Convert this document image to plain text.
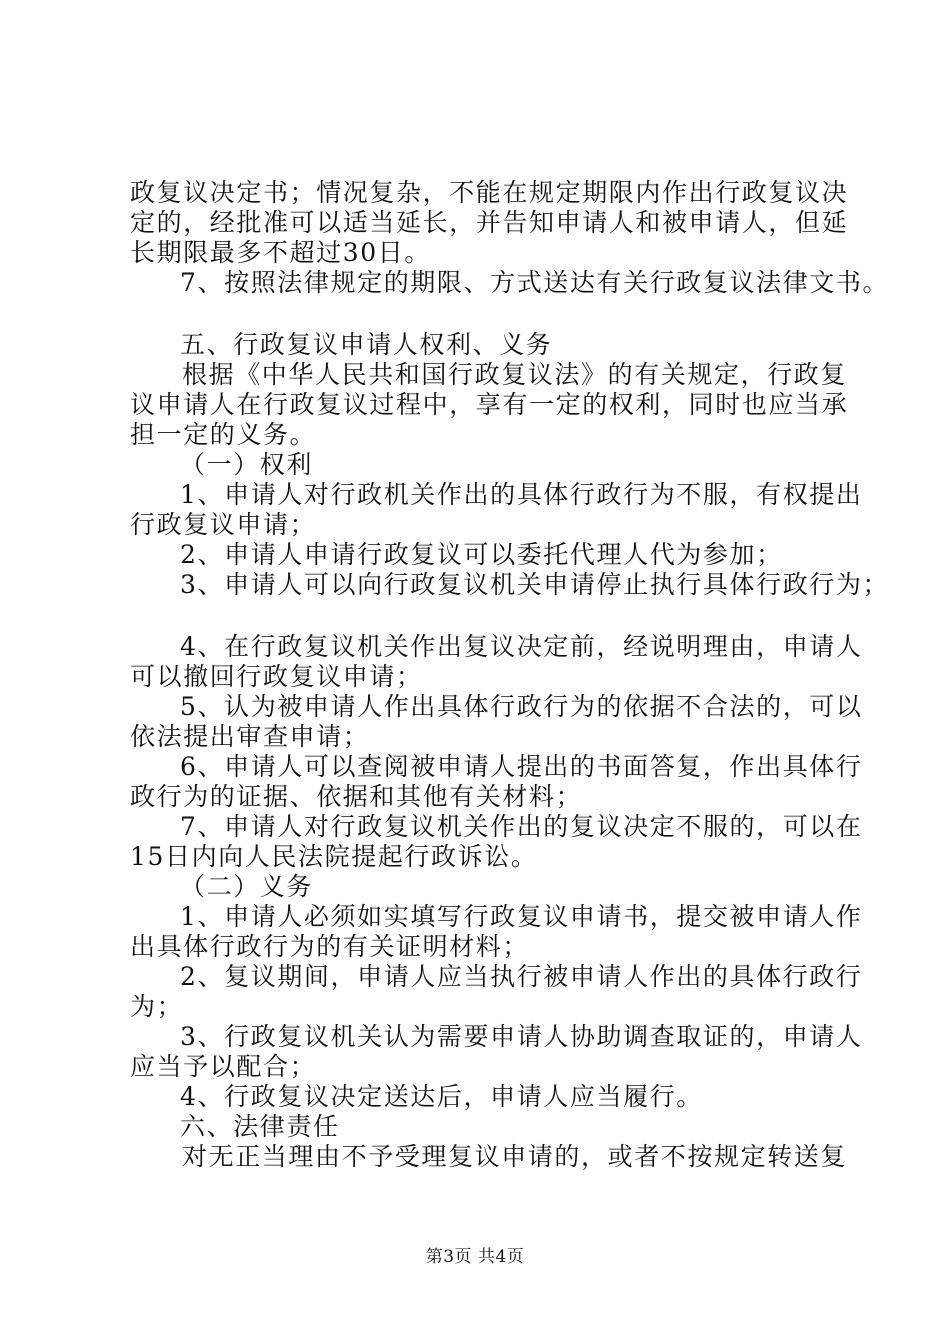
政复议决定书；情况复杂，不能在规定期限内作出行政复议决
定的，经批准可以适当延长，并告知申请人和被申请人，但延
长期限最多不超过30日。
7、按照法律规定的期限、方式送达有关行政复议法律文书。
五、行政复议申请人权利、义务
根据《中华人民共和国行政复议法》的有关规定，行政复
议申请人在行政复议过程中，享有一定的权利，同时也应当承
担一定的义务。
（一）权利
1、申请人对行政机关作出的具体行政行为不服，有权提出
行政复议申请；
2、申请人申请行政复议可以委托代理人代为参加；
3、申请人可以向行政复议机关申请停止执行具体行政行为；
4、在行政复议机关作出复议决定前，经说明理由，申请人
可以撤回行政复议申请；
5、认为被申请人作出具体行政行为的依据不合法的，可以
依法提出审查申请；
6、申请人可以查阅被申请人提出的书面答复，作出具体行
政行为的证据、依据和其他有关材料；
7、申请人对行政复议机关作出的复议决定不服的，可以在
15日内向人民法院提起行政诉讼。
（二）义务
1、申请人必须如实填写行政复议申请书，提交被申请人作
出具体行政行为的有关证明材料；
2、复议期间，申请人应当执行被申请人作出的具体行政行
为；
3、行政复议机关认为需要申请人协助调查取证的，申请人
应当予以配合；
4、行政复议决定送达后，申请人应当履行。
六、法律责任
对无正当理由不予受理复议申请的，或者不按规定转送复
第3页 共4页
